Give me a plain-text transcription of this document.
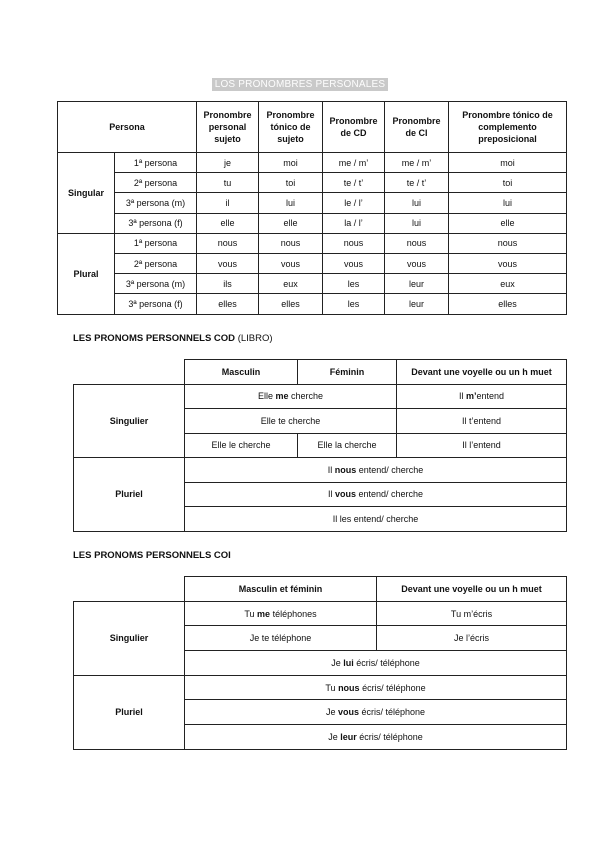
LOS PRONOMBRES PERSONALES
Persona		Pronombre personal sujeto	Pronombre tónico de sujeto	Pronombre de CD	Pronombre de CI	Pronombre tónico de complemento preposicional
Singular	1ª persona	je	moi	me / m’	me / m’	moi
	2ª persona	tu	toi	te / t’	te / t’	toi
	3ª persona (m)	il	lui	le / l’	lui	lui
	3ª persona (f)	elle	elle	la / l’	lui	elle
Plural	1ª persona	nous	nous	nous	nous	nous
	2ª persona	vous	vous	vous	vous	vous
	3ª persona (m)	ils	eux	les	leur	eux
	3ª persona (f)	elles	elles	les	leur	elles
LES PRONOMS PERSONNELS COD (LIBRO)
	Masculin	Féminin	Devant une voyelle ou un h muet
Singulier	Elle me cherche		Il m’entend
	Elle te cherche		Il t’entend
	Elle le cherche	Elle la cherche	Il l’entend
Pluriel	Il nous entend/ cherche		
	Il vous entend/ cherche		
	Il les entend/ cherche		
LES PRONOMS PERSONNELS COI
	Masculin et féminin	Devant une voyelle ou un h muet
Singulier	Tu me téléphones	Tu m’écris
	Je te téléphone	Je l’écris
	Je lui écris/ téléphone	
Pluriel	Tu nous écris/ téléphone	
	Je vous écris/ téléphone	
	Je leur écris/ téléphone	
